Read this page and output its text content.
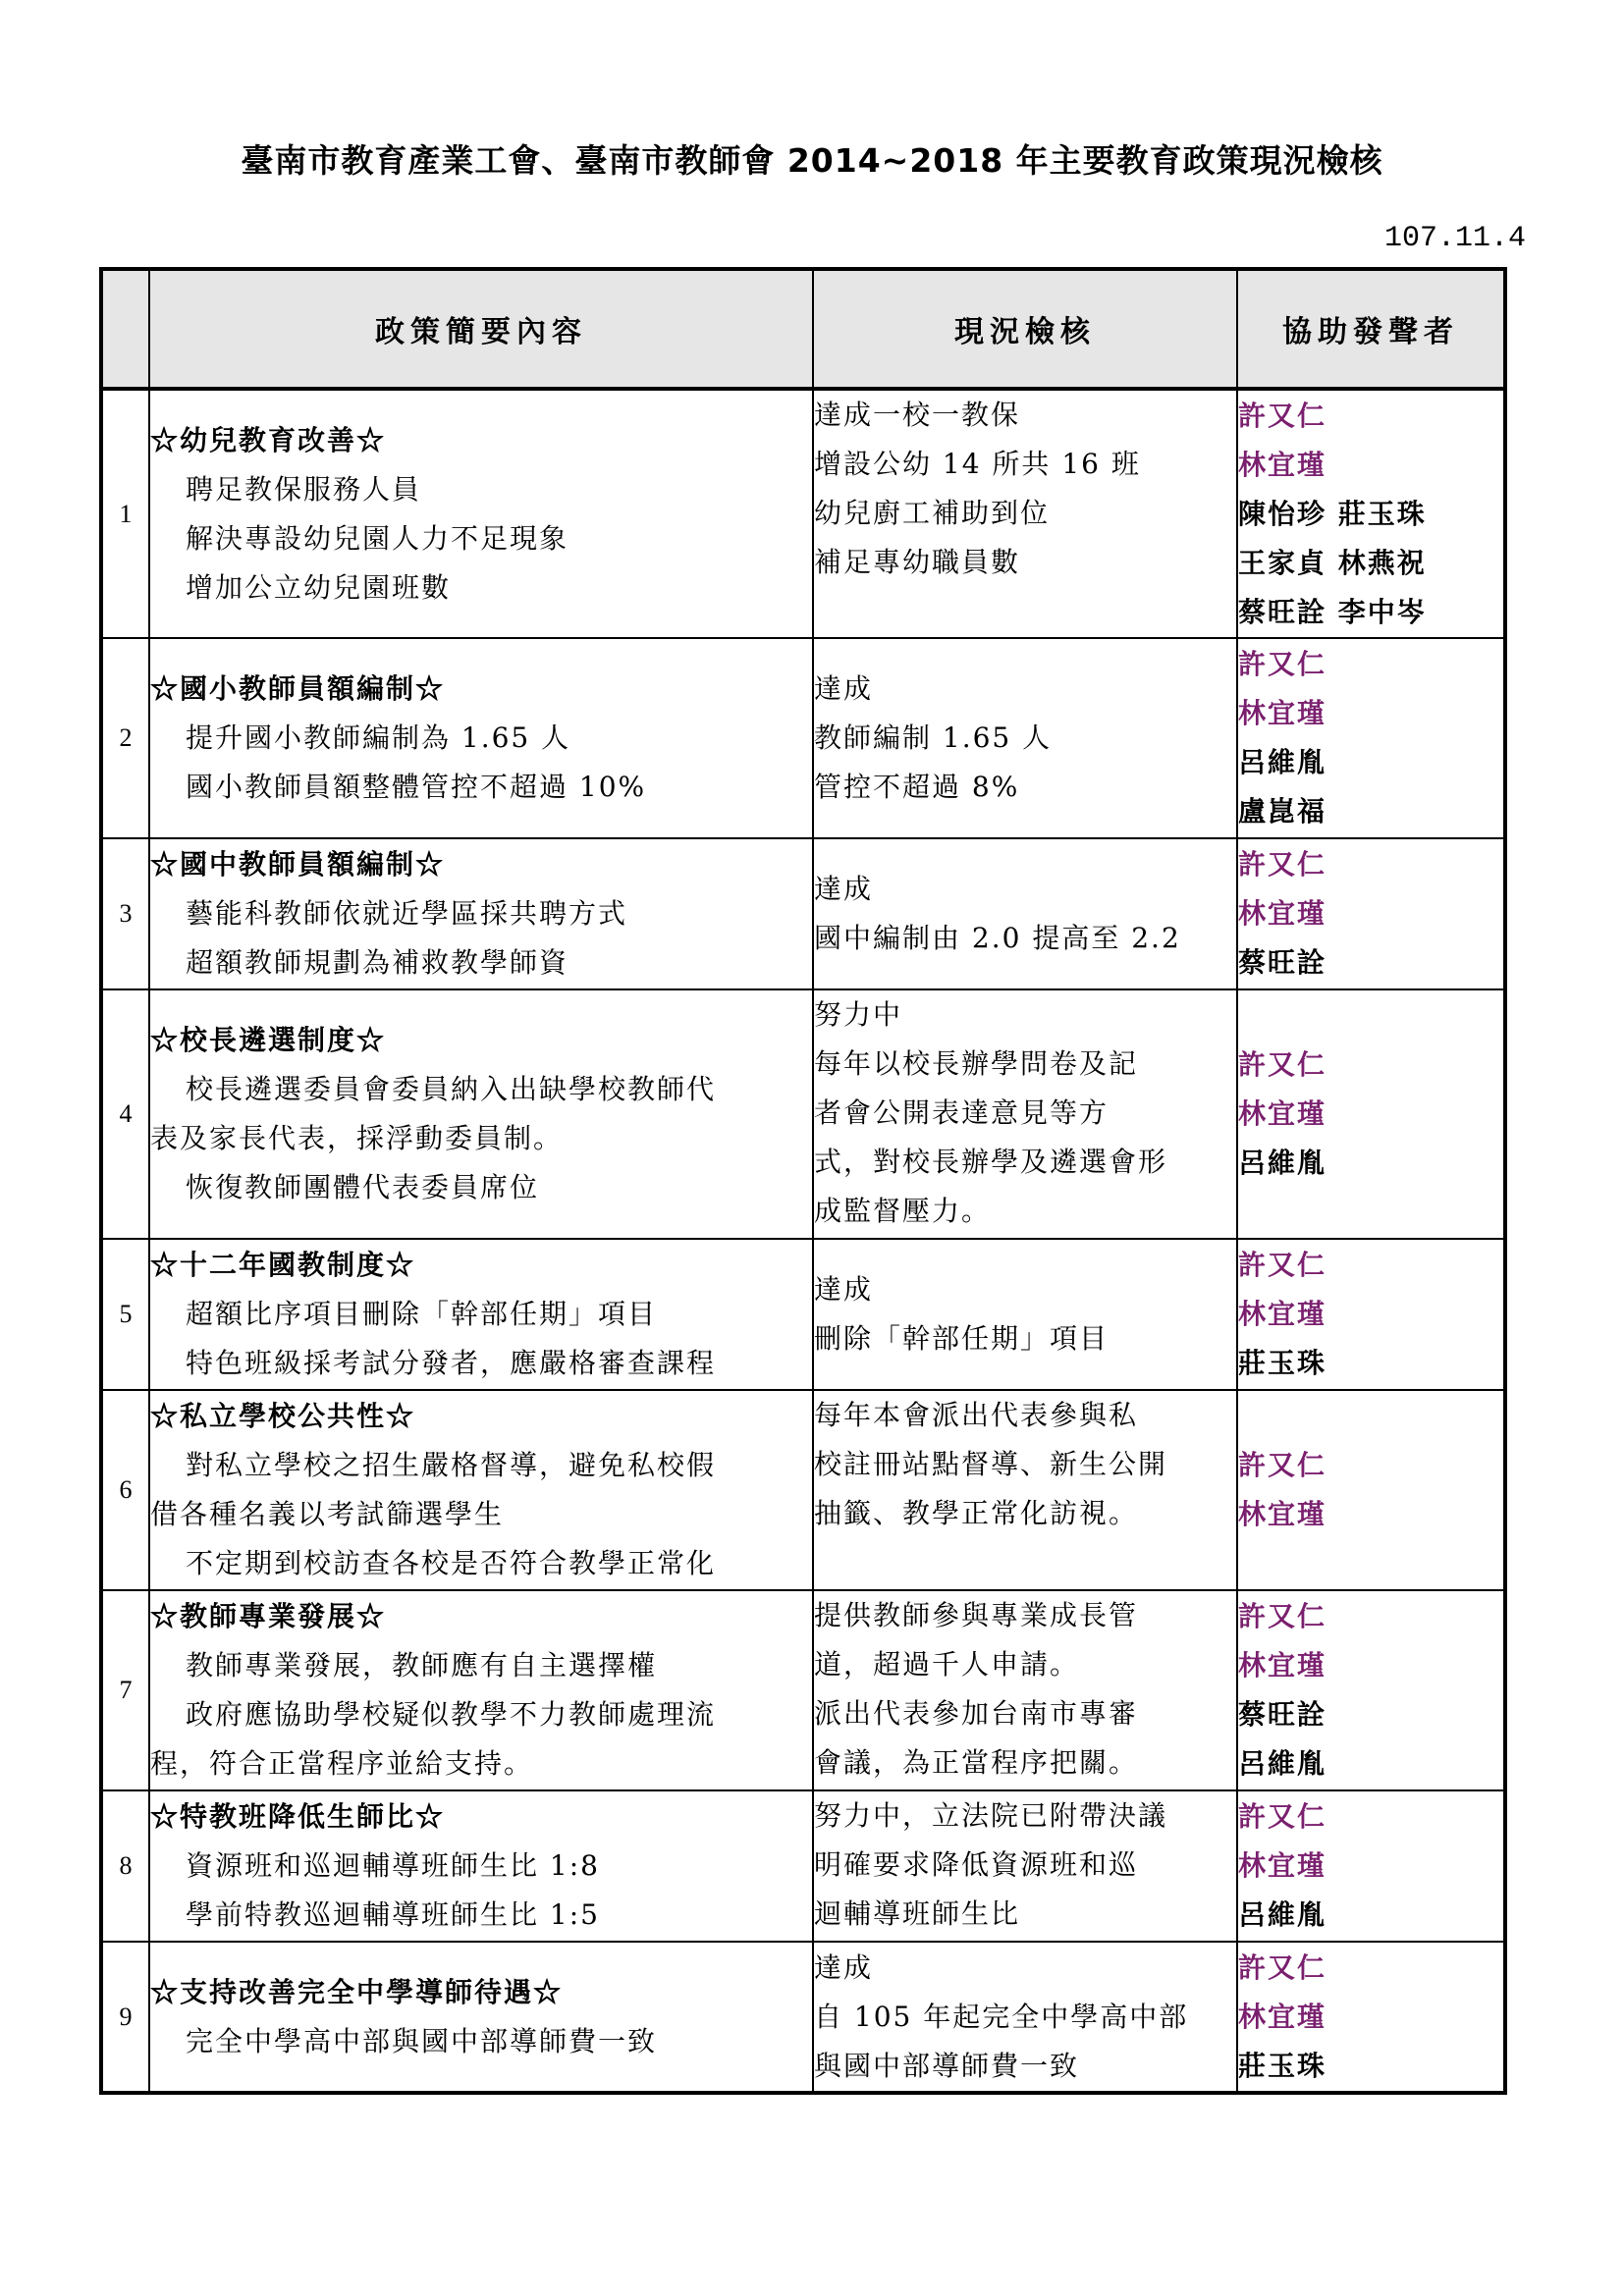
臺南市教育產業工會、臺南市教師會 2014~2018 年主要教育政策現況檢核
107.11.4
	政策簡要內容	現況檢核	協助發聲者
1	☆幼兒教育改善☆
聘足教保服務人員
解決專設幼兒園人力不足現象
增加公立幼兒園班數	達成一校一教保
增設公幼 14 所共 16 班
幼兒廚工補助到位
補足專幼職員數	許又仁
林宜瑾
陳怡珍 莊玉珠
王家貞 林燕祝
蔡旺詮 李中岑

2	☆國小教師員額編制☆
提升國小教師編制為 1.65 人
國小教師員額整體管控不超過 10%	達成
教師編制 1.65 人
管控不超過 8%	許又仁
林宜瑾
呂維胤
盧崑福

3	☆國中教師員額編制☆
藝能科教師依就近學區採共聘方式
超額教師規劃為補救教學師資	達成
國中編制由 2.0 提高至 2.2	許又仁
林宜瑾
蔡旺詮

4	☆校長遴選制度☆
校長遴選委員會委員納入出缺學校教師代
表及家長代表，採浮動委員制。
恢復教師團體代表委員席位	努力中
每年以校長辦學問卷及記
者會公開表達意見等方
式，對校長辦學及遴選會形
成監督壓力。	許又仁
林宜瑾
呂維胤

5	☆十二年國教制度☆
超額比序項目刪除「幹部任期」項目
特色班級採考試分發者，應嚴格審查課程	達成
刪除「幹部任期」項目	許又仁
林宜瑾
莊玉珠

6	☆私立學校公共性☆
對私立學校之招生嚴格督導，避免私校假
借各種名義以考試篩選學生
不定期到校訪查各校是否符合教學正常化	每年本會派出代表參與私
校註冊站點督導、新生公開
抽籤、教學正常化訪視。	許又仁
林宜瑾

7	☆教師專業發展☆
教師專業發展，教師應有自主選擇權
政府應協助學校疑似教學不力教師處理流
程，符合正當程序並給支持。	提供教師參與專業成長管
道，超過千人申請。
派出代表參加台南市專審
會議，為正當程序把關。	許又仁
林宜瑾
蔡旺詮
呂維胤

8	☆特教班降低生師比☆
資源班和巡迴輔導班師生比 1:8
學前特教巡迴輔導班師生比 1:5	努力中，立法院已附帶決議
明確要求降低資源班和巡
迴輔導班師生比	許又仁
林宜瑾
呂維胤

9	☆支持改善完全中學導師待遇☆
完全中學高中部與國中部導師費一致	達成
自 105 年起完全中學高中部
與國中部導師費一致	許又仁
林宜瑾
莊玉珠
